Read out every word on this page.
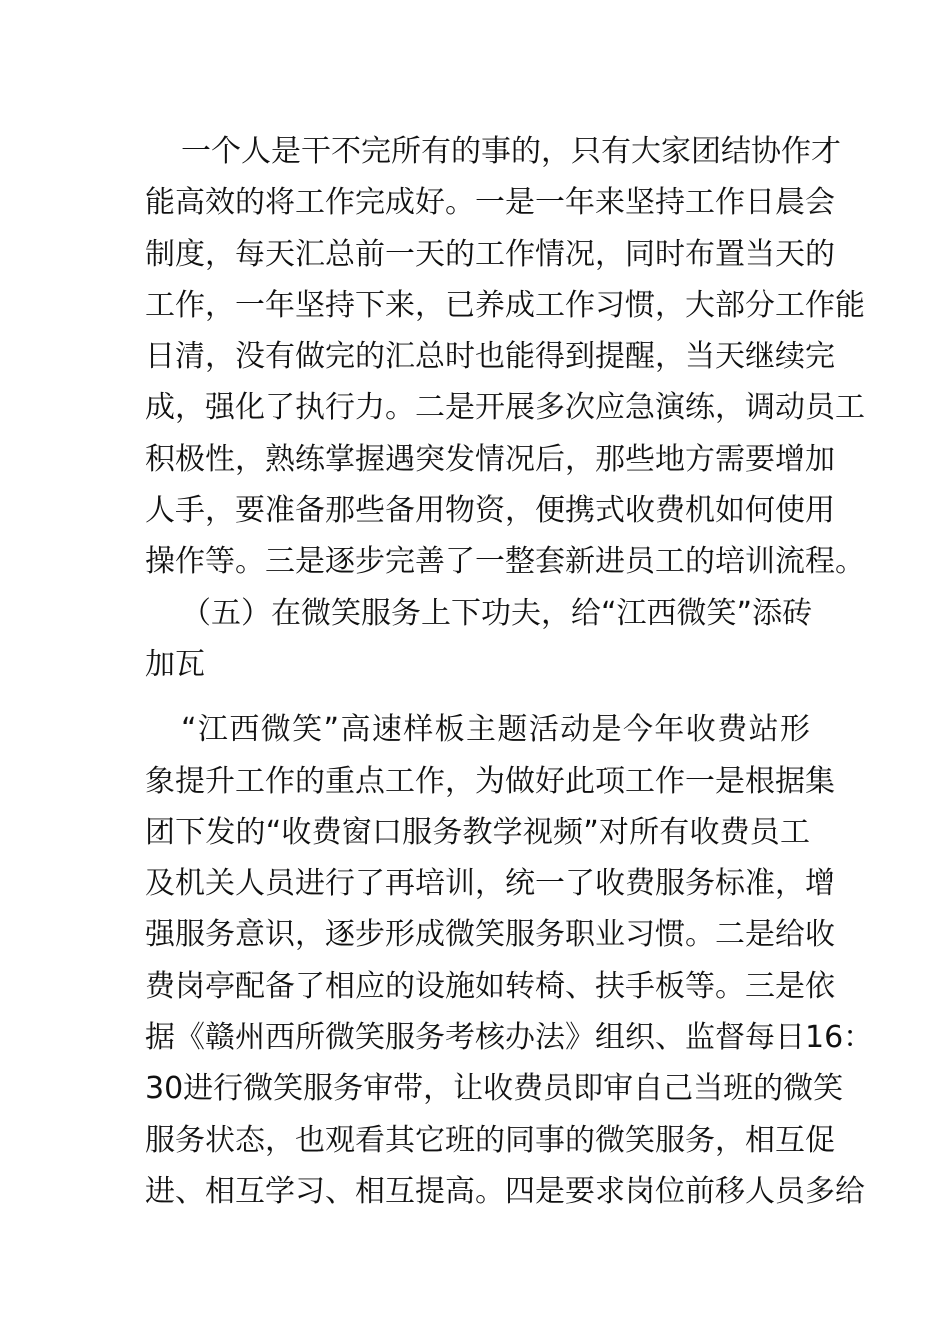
一个人是干不完所有的事的，只有大家团结协作才
能高效的将工作完成好。一是一年来坚持工作日晨会
制度，每天汇总前一天的工作情况，同时布置当天的
工作，一年坚持下来，已养成工作习惯，大部分工作能
日清，没有做完的汇总时也能得到提醒，当天继续完
成，强化了执行力。二是开展多次应急演练，调动员工
积极性，熟练掌握遇突发情况后，那些地方需要增加
人手，要准备那些备用物资，便携式收费机如何使用
操作等。三是逐步完善了一整套新进员工的培训流程。
（五）在微笑服务上下功夫，给“江西微笑”添砖
加瓦
“江西微笑”高速样板主题活动是今年收费站形
象提升工作的重点工作，为做好此项工作一是根据集
团下发的“收费窗口服务教学视频”对所有收费员工
及机关人员进行了再培训，统一了收费服务标准，增
强服务意识，逐步形成微笑服务职业习惯。二是给收
费岗亭配备了相应的设施如转椅、扶手板等。三是依
据《赣州西所微笑服务考核办法》组织、监督每日16：
30进行微笑服务审带，让收费员即审自己当班的微笑
服务状态，也观看其它班的同事的微笑服务，相互促
进、相互学习、相互提高。四是要求岗位前移人员多给
